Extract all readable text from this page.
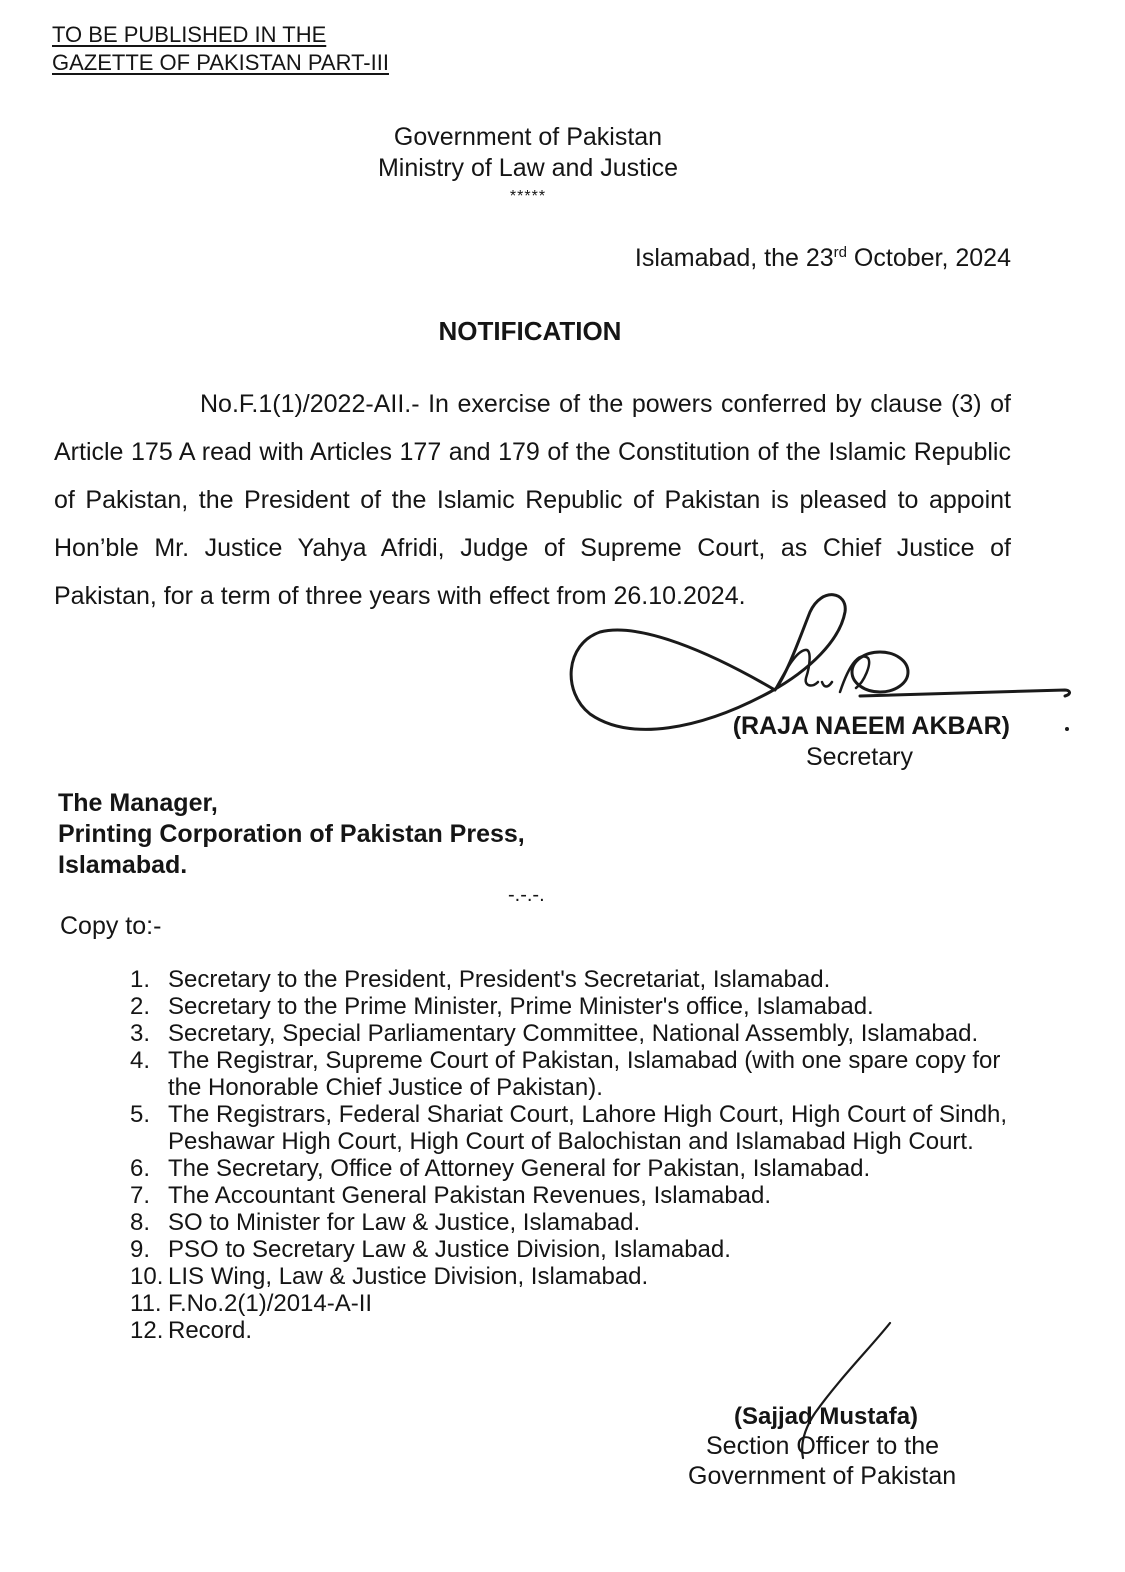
TO BE PUBLISHED IN THE
GAZETTE OF PAKISTAN PART-III
Government of Pakistan
Ministry of Law and Justice
*****
Islamabad, the 23rd October, 2024
NOTIFICATION

No.F.1(1)/2022-AII.- In exercise of the powers conferred by clause (3) of Article 175 A read with Articles 177 and 179 of the Constitution of the Islamic Republic of Pakistan, the President of the Islamic Republic of Pakistan is pleased to appoint Hon’ble Mr. Justice Yahya Afridi, Judge of Supreme Court, as Chief Justice of Pakistan, for a term of three years with effect from 26.10.2024.

(RAJA NAEEM AKBAR)
Secretary
The Manager,
Printing Corporation of Pakistan Press,
Islamabad.
-.-.-.
Copy to:-
1. Secretary to the President, President's Secretariat, Islamabad.
2. Secretary to the Prime Minister, Prime Minister's office, Islamabad.
3. Secretary, Special Parliamentary Committee, National Assembly, Islamabad.
4. The Registrar, Supreme Court of Pakistan, Islamabad (with one spare copy for the Honorable Chief Justice of Pakistan).
5. The Registrars, Federal Shariat Court, Lahore High Court, High Court of Sindh, Peshawar High Court, High Court of Balochistan and Islamabad High Court.
6. The Secretary, Office of Attorney General for Pakistan, Islamabad.
7. The Accountant General Pakistan Revenues, Islamabad.
8. SO to Minister for Law & Justice, Islamabad.
9. PSO to Secretary Law & Justice Division, Islamabad.
10. LIS Wing, Law & Justice Division, Islamabad.
11. F.No.2(1)/2014-A-II
12. Record.
(Sajjad Mustafa)
Section Officer to the
Government of Pakistan
